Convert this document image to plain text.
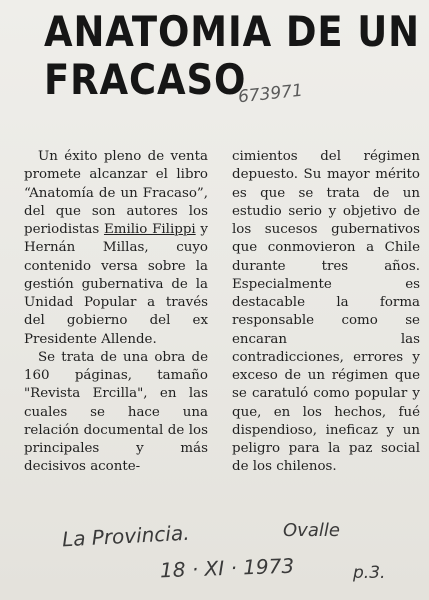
ANATOMIA DE UN
FRACASO
673971

Un éxito pleno de venta promete alcanzar el libro “Anatomía de un Fracaso”, del que son autores los periodistas Emilio Filippi y Hernán Millas, cuyo contenido versa sobre la gestión gubernativa de la Unidad Popular a través del gobierno del ex Presidente Allende.

Se trata de una obra de 160 páginas, tamaño "Revista Ercilla", en las cuales se hace una relación documental de los principales y más decisivos aconte-

cimientos del régimen depuesto. Su mayor mérito es que se trata de un estudio serio y objetivo de los sucesos gubernativos que conmovieron a Chile durante tres años. Especialmente es destacable la forma responsable como se encaran las contradicciones, errores y exceso de un régimen que se caratuló como popular y que, en los hechos, fué dispendioso, ineficaz y un peligro para la paz social de los chilenos.

La Provincia.	Ovalle
18 · XI · 1973	p.3.
